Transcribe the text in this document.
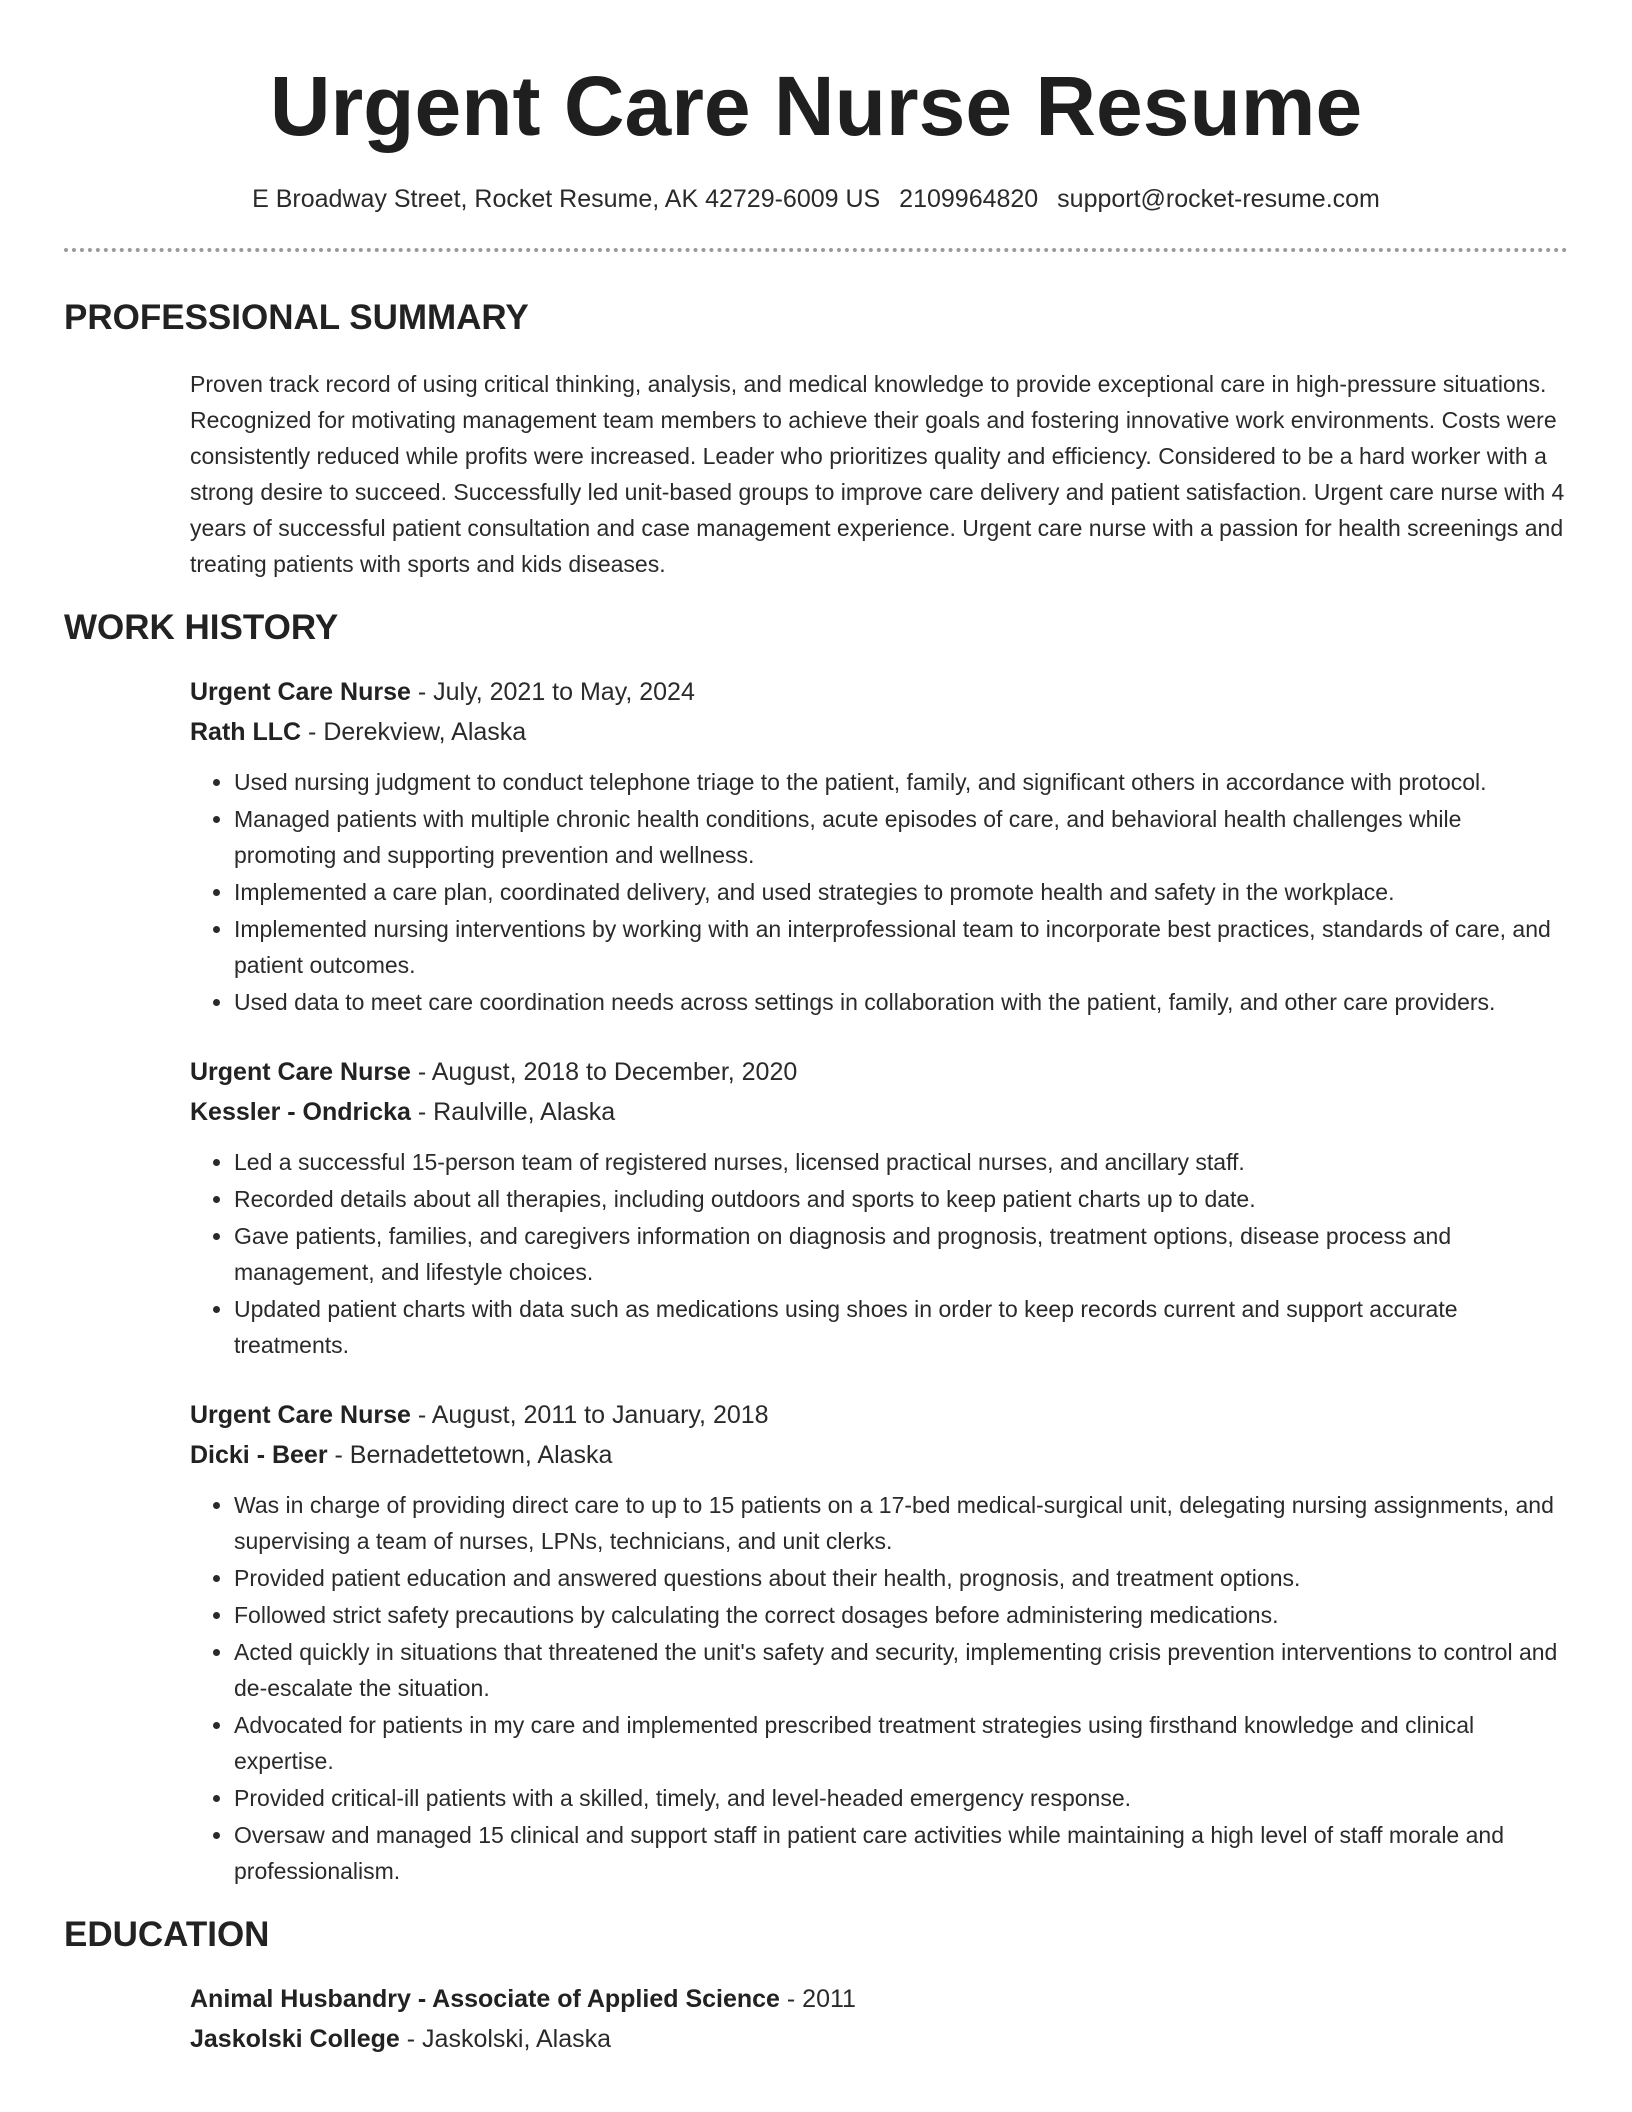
Urgent Care Nurse Resume
E Broadway Street, Rocket Resume, AK 42729-6009 US 2109964820 support@rocket-resume.com
PROFESSIONAL SUMMARY

Proven track record of using critical thinking, analysis, and medical knowledge to provide exceptional care in high-pressure situations. Recognized for motivating management team members to achieve their goals and fostering innovative work environments. Costs were consistently reduced while profits were increased. Leader who prioritizes quality and efficiency. Considered to be a hard worker with a strong desire to succeed. Successfully led unit-based groups to improve care delivery and patient satisfaction. Urgent care nurse with 4 years of successful patient consultation and case management experience. Urgent care nurse with a passion for health screenings and treating patients with sports and kids diseases.

WORK HISTORY
Urgent Care Nurse - July, 2021 to May, 2024
Rath LLC - Derekview, Alaska
• Used nursing judgment to conduct telephone triage to the patient, family, and significant others in accordance with protocol.
• Managed patients with multiple chronic health conditions, acute episodes of care, and behavioral health challenges while promoting and supporting prevention and wellness.
• Implemented a care plan, coordinated delivery, and used strategies to promote health and safety in the workplace.
• Implemented nursing interventions by working with an interprofessional team to incorporate best practices, standards of care, and patient outcomes.
• Used data to meet care coordination needs across settings in collaboration with the patient, family, and other care providers.
Urgent Care Nurse - August, 2018 to December, 2020
Kessler - Ondricka - Raulville, Alaska
• Led a successful 15-person team of registered nurses, licensed practical nurses, and ancillary staff.
• Recorded details about all therapies, including outdoors and sports to keep patient charts up to date.
• Gave patients, families, and caregivers information on diagnosis and prognosis, treatment options, disease process and management, and lifestyle choices.
• Updated patient charts with data such as medications using shoes in order to keep records current and support accurate treatments.
Urgent Care Nurse - August, 2011 to January, 2018
Dicki - Beer - Bernadettetown, Alaska
• Was in charge of providing direct care to up to 15 patients on a 17-bed medical-surgical unit, delegating nursing assignments, and supervising a team of nurses, LPNs, technicians, and unit clerks.
• Provided patient education and answered questions about their health, prognosis, and treatment options.
• Followed strict safety precautions by calculating the correct dosages before administering medications.
• Acted quickly in situations that threatened the unit's safety and security, implementing crisis prevention interventions to control and de-escalate the situation.
• Advocated for patients in my care and implemented prescribed treatment strategies using firsthand knowledge and clinical expertise.
• Provided critical-ill patients with a skilled, timely, and level-headed emergency response.
• Oversaw and managed 15 clinical and support staff in patient care activities while maintaining a high level of staff morale and professionalism.
EDUCATION
Animal Husbandry - Associate of Applied Science - 2011
Jaskolski College - Jaskolski, Alaska
